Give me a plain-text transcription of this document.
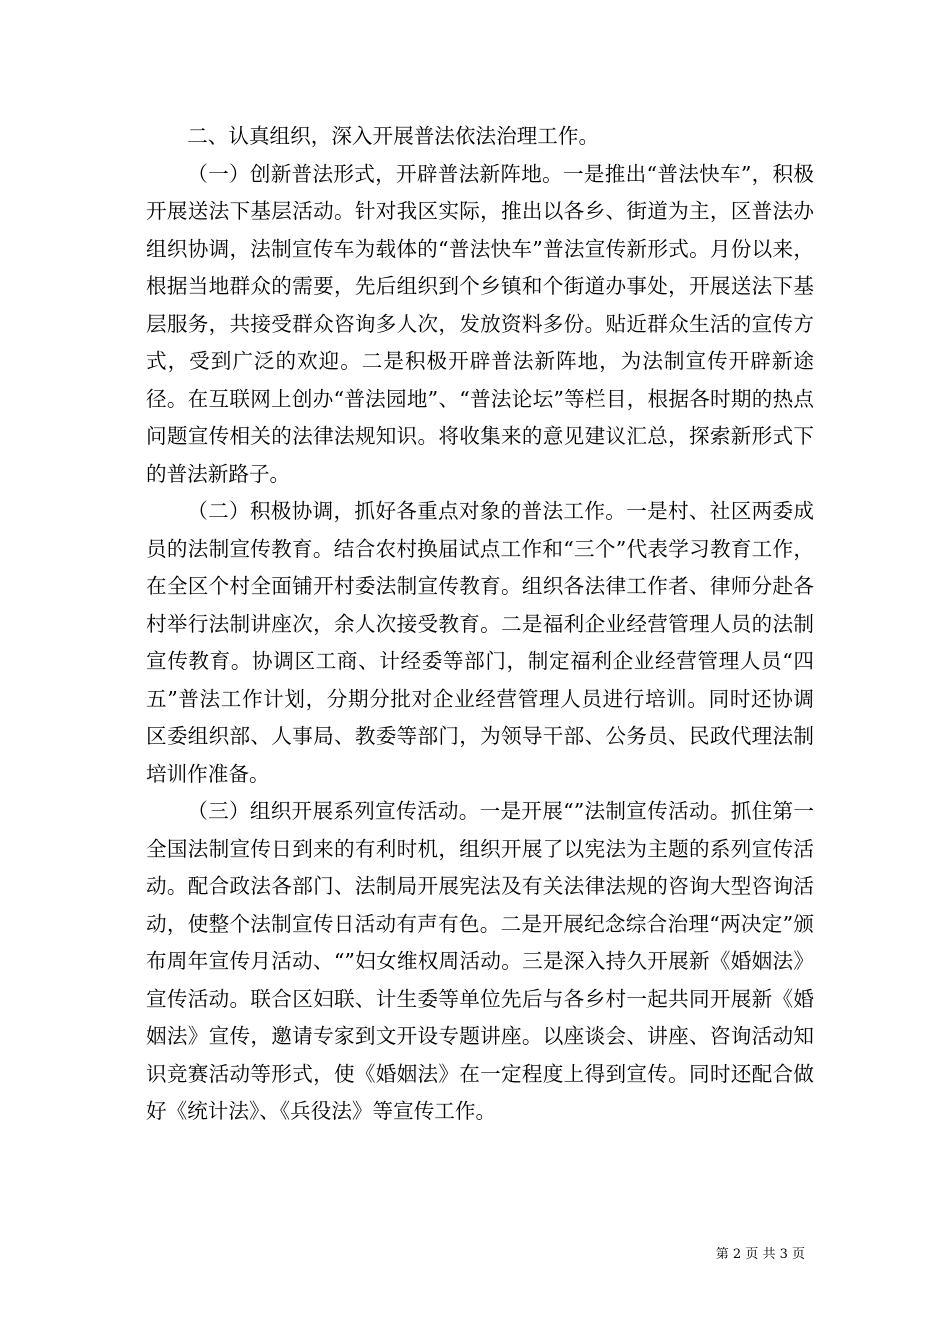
二、认真组织，深入开展普法依法治理工作。

（一）创新普法形式，开辟普法新阵地。一是推出“普法快车”，积极开展送法下基层活动。针对我区实际，推出以各乡、街道为主，区普法办组织协调，法制宣传车为载体的“普法快车”普法宣传新形式。月份以来，根据当地群众的需要，先后组织到个乡镇和个街道办事处，开展送法下基层服务，共接受群众咨询多人次，发放资料多份。贴近群众生活的宣传方式，受到广泛的欢迎。二是积极开辟普法新阵地，为法制宣传开辟新途径。在互联网上创办“普法园地”、“普法论坛”等栏目，根据各时期的热点问题宣传相关的法律法规知识。将收集来的意见建议汇总，探索新形式下的普法新路子。

（二）积极协调，抓好各重点对象的普法工作。一是村、社区两委成员的法制宣传教育。结合农村换届试点工作和“三个”代表学习教育工作，在全区个村全面铺开村委法制宣传教育。组织各法律工作者、律师分赴各村举行法制讲座次，余人次接受教育。二是福利企业经营管理人员的法制宣传教育。协调区工商、计经委等部门，制定福利企业经营管理人员“四五”普法工作计划，分期分批对企业经营管理人员进行培训。同时还协调区委组织部、人事局、教委等部门，为领导干部、公务员、民政代理法制培训作准备。

（三）组织开展系列宣传活动。一是开展“”法制宣传活动。抓住第一全国法制宣传日到来的有利时机，组织开展了以宪法为主题的系列宣传活动。配合政法各部门、法制局开展宪法及有关法律法规的咨询大型咨询活动，使整个法制宣传日活动有声有色。二是开展纪念综合治理“两决定”颁布周年宣传月活动、“”妇女维权周活动。三是深入持久开展新《婚姻法》宣传活动。联合区妇联、计生委等单位先后与各乡村一起共同开展新《婚姻法》宣传，邀请专家到文开设专题讲座。以座谈会、讲座、咨询活动知识竞赛活动等形式，使《婚姻法》在一定程度上得到宣传。同时还配合做好《统计法》、《兵役法》等宣传工作。

第 2 页 共 3 页
